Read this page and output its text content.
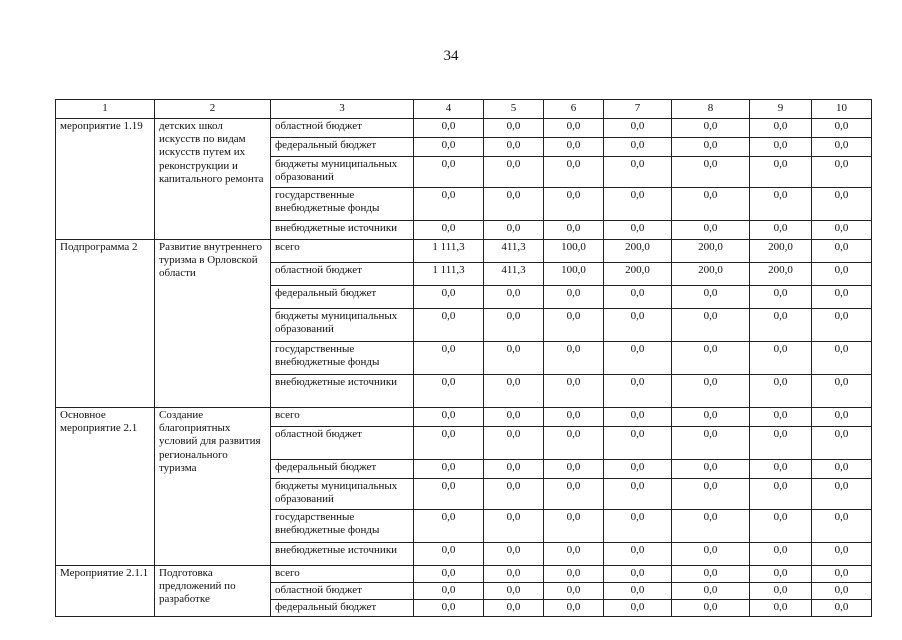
34
1	2	3	4	5	6	7	8	9	10
мероприятие 1.19	детских школ искусств по видам искусств путем их реконструкции и капитального ремонта	областной бюджет	0,0	0,0	0,0	0,0	0,0	0,0	0,0
		федеральный бюджет	0,0	0,0	0,0	0,0	0,0	0,0	0,0
		бюджеты муниципальных образований	0,0	0,0	0,0	0,0	0,0	0,0	0,0
		государственные внебюджетные фонды	0,0	0,0	0,0	0,0	0,0	0,0	0,0
		внебюджетные источники	0,0	0,0	0,0	0,0	0,0	0,0	0,0
Подпрограмма 2	Развитие внутреннего туризма в Орловской области	всего	1 111,3	411,3	100,0	200,0	200,0	200,0	0,0
		областной бюджет	1 111,3	411,3	100,0	200,0	200,0	200,0	0,0
		федеральный бюджет	0,0	0,0	0,0	0,0	0,0	0,0	0,0
		бюджеты муниципальных образований	0,0	0,0	0,0	0,0	0,0	0,0	0,0
		государственные внебюджетные фонды	0,0	0,0	0,0	0,0	0,0	0,0	0,0
		внебюджетные источники	0,0	0,0	0,0	0,0	0,0	0,0	0,0
Основное мероприятие 2.1	Создание благоприятных условий для развития регионального туризма	всего	0,0	0,0	0,0	0,0	0,0	0,0	0,0
		областной бюджет	0,0	0,0	0,0	0,0	0,0	0,0	0,0
		федеральный бюджет	0,0	0,0	0,0	0,0	0,0	0,0	0,0
		бюджеты муниципальных образований	0,0	0,0	0,0	0,0	0,0	0,0	0,0
		государственные внебюджетные фонды	0,0	0,0	0,0	0,0	0,0	0,0	0,0
		внебюджетные источники	0,0	0,0	0,0	0,0	0,0	0,0	0,0
Мероприятие 2.1.1	Подготовка предложений по разработке	всего	0,0	0,0	0,0	0,0	0,0	0,0	0,0
		областной бюджет	0,0	0,0	0,0	0,0	0,0	0,0	0,0
		федеральный бюджет	0,0	0,0	0,0	0,0	0,0	0,0	0,0
